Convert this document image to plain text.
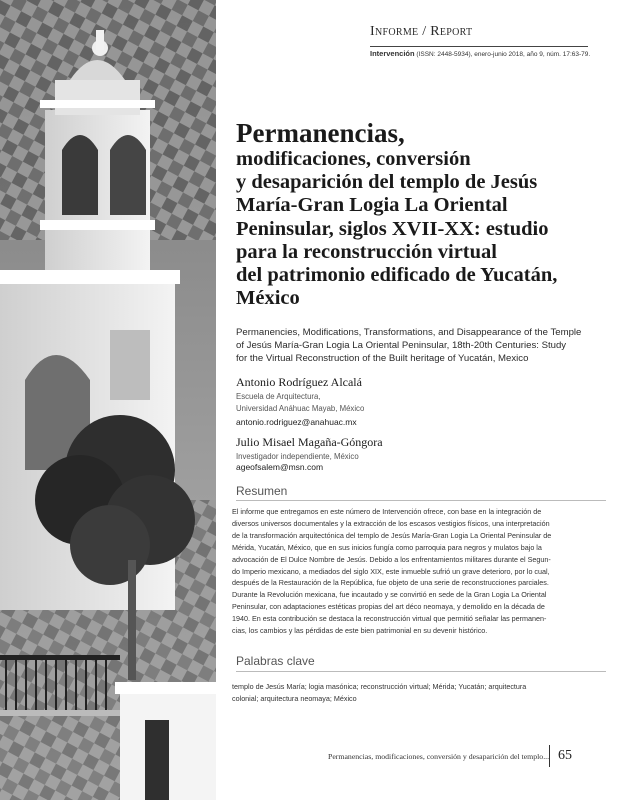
Informe / Report
Intervención (ISSN: 2448-5934), enero-junio 2018, año 9, núm. 17:63-79.
Permanencias,
modificaciones, conversión
y desaparición del templo de Jesús
María-Gran Logia La Oriental
Peninsular, siglos XVII-XX: estudio
para la reconstrucción virtual
del patrimonio edificado de Yucatán,
México
Permanencies, Modifications, Transformations, and Disappearance of the Temple
of Jesús María-Gran Logia La Oriental Peninsular, 18th-20th Centuries: Study
for the Virtual Reconstruction of the Built heritage of Yucatán, Mexico
Antonio Rodríguez Alcalá
Escuela de Arquitectura,
Universidad Anáhuac Mayab, México
antonio.rodriguez@anahuac.mx
Julio Misael Magaña-Góngora
Investigador independiente, México
ageofsalem@msn.com
Resumen
El informe que entregamos en este número de Intervención ofrece, con base en la integración de
diversos universos documentales y la extracción de los escasos vestigios físicos, una interpretación
de la transformación arquitectónica del templo de Jesús María-Gran Logia La Oriental Peninsular de
Mérida, Yucatán, México, que en sus inicios fungía como parroquia para negros y mulatos bajo la
advocación de El Dulce Nombre de Jesús. Debido a los enfrentamientos militares durante el Segun-
do Imperio mexicano, a mediados del siglo XIX, este inmueble sufrió un grave deterioro, por lo cual,
después de la Restauración de la República, fue objeto de una serie de reconstrucciones parciales.
Durante la Revolución mexicana, fue incautado y se convirtió en sede de la Gran Logia La Oriental
Peninsular, con adaptaciones estéticas propias del art déco neomaya, y demolido en la década de
1940. En esta contribución se destaca la reconstrucción virtual que permitió señalar las permanen-
cias, los cambios y las pérdidas de este bien patrimonial en su devenir histórico.
Palabras clave
templo de Jesús María; logia masónica; reconstrucción virtual; Mérida; Yucatán; arquitectura
colonial; arquitectura neomaya; México
Permanencias, modificaciones, conversión y desaparición del templo... 65
